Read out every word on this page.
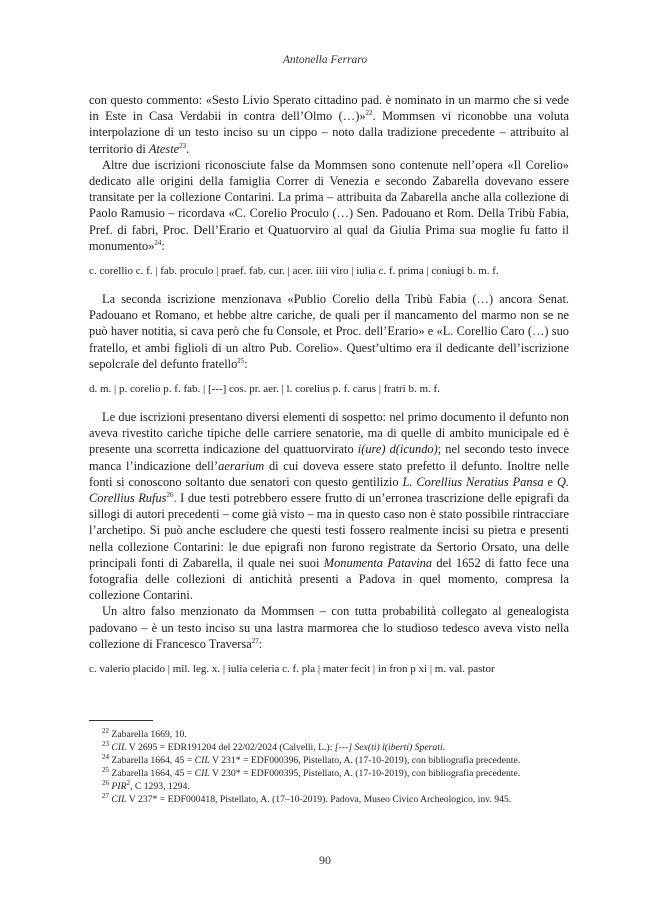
Antonella Ferraro

con questo commento: «Sesto Livio Sperato cittadino pad. è nominato in un marmo che si vede in Este in Casa Verdabii in contra dell’Olmo (…)»$^{22}$. Mommsen vi riconobbe una voluta interpolazione di un testo inciso su un cippo – noto dalla tradizione precedente – attribuito al territorio di Ateste$^{23}$.

Altre due iscrizioni riconosciute false da Mommsen sono contenute nell’opera «Il Corelio» dedicato alle origini della famiglia Correr di Venezia e secondo Zabarella dovevano essere transitate per la collezione Contarini. La prima – attribuita da Zabarella anche alla collezione di Paolo Ramusio – ricordava «C. Corelio Proculo (…) Sen. Padouano et Rom. Della Tribù Fabia, Pref. di fabri, Proc. Dell’Erario et Quatuorviro al qual da Giulia Prima sua moglie fu fatto il monumento»$^{24}$:

c. corellio c. f. | fab. proculo | praef. fab. cur. | acer. iiii viro | iulia c. f. prima | coniugi b. m. f.

La seconda iscrizione menzionava «Publio Corelio della Tribù Fabia (…) ancora Senat. Padouano et Romano, et hebbe altre cariche, de quali per il mancamento del marmo non se ne può haver notitia, si cava però che fu Console, et Proc. dell’Erario» e «L. Corellio Caro (…) suo fratello, et ambi figlioli di un altro Pub. Corelio». Quest’ultimo era il dedicante dell’iscrizione sepolcrale del defunto fratello$^{25}$:

d. m. | p. corelio p. f. fab. | [---] cos. pr. aer. | l. corelius p. f. carus | fratri b. m. f.

Le due iscrizioni presentano diversi elementi di sospetto: nel primo documento il defunto non aveva rivestito cariche tipiche delle carriere senatorie, ma di quelle di ambito municipale ed è presente una scorretta indicazione del quattuorvirato i(ure) d(icundo); nel secondo testo invece manca l’indicazione dell’aerarium di cui doveva essere stato prefetto il defunto. Inoltre nelle fonti si conoscono soltanto due senatori con questo gentilizio L. Corellius Neratius Pansa e Q. Corellius Rufus$^{26}$. I due testi potrebbero essere frutto di un’erronea trascrizione delle epigrafi da sillogi di autori precedenti – come già visto – ma in questo caso non è stato possibile rintracciare l’archetipo. Si può anche escludere che questi testi fossero realmente incisi su pietra e presenti nella collezione Contarini: le due epigrafi non furono registrate da Sertorio Orsato, una delle principali fonti di Zabarella, il quale nei suoi Monumenta Patavina del 1652 di fatto fece una fotografia delle collezioni di antichità presenti a Padova in quel momento, compresa la collezione Contarini.

Un altro falso menzionato da Mommsen – con tutta probabilità collegato al genealogista padovano – è un testo inciso su una lastra marmorea che lo studioso tedesco aveva visto nella collezione di Francesco Traversa$^{27}$:

c. valerio placido | mil. leg. x. | iulia celeria c. f. pla | mater fecit | in fron p xi | m. val. pastor

$^{22}$ Zabarella 1669, 10.

$^{23}$ CIL V 2695 = EDR191204 del 22/02/2024 (Calvelli, L.): [---] Sex(ti) l(iberti) Sperati.

$^{24}$ Zabarella 1664, 45 = CIL V 231* = EDF000396, Pistellato, A. (17-10-2019), con bibliografia precedente.

$^{25}$ Zabarella 1664, 45 = CIL V 230* = EDF000395, Pistellato, A. (17-10-2019), con bibliografia precedente.

$^{26}$ PIR$^2$, C 1293, 1294.

$^{27}$ CIL V 237* = EDF000418, Pistellato, A. (17–10-2019). Padova, Museo Civico Archeologico, inv. 945.

90
